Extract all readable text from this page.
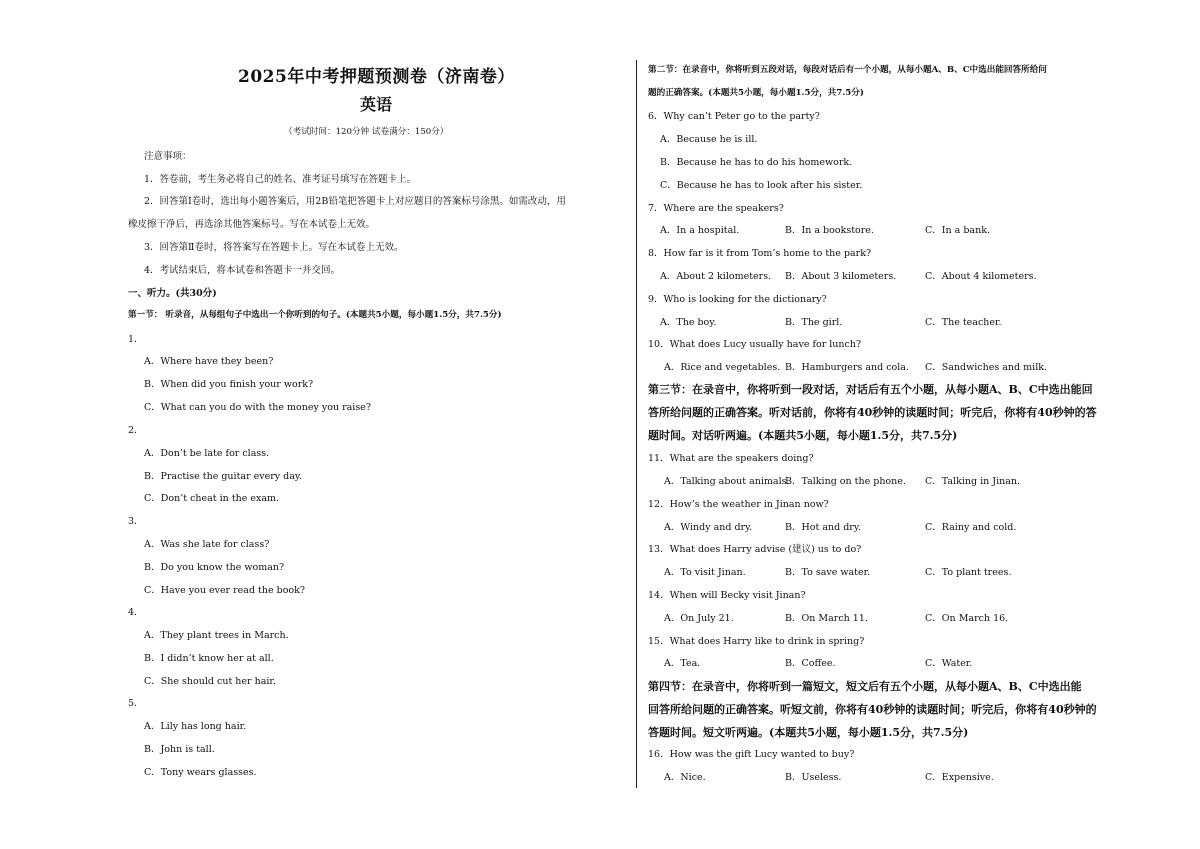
2025年中考押题预测卷（济南卷）
英语
（考试时间：120分钟 试卷满分：150分）
注意事项：
1．答卷前，考生务必将自己的姓名、准考证号填写在答题卡上。
2．回答第Ⅰ卷时，选出每小题答案后，用2B铅笔把答题卡上对应题目的答案标号涂黑。如需改动，用
橡皮擦干净后，再选涂其他答案标号。写在本试卷上无效。
3．回答第Ⅱ卷时，将答案写在答题卡上。写在本试卷上无效。
4．考试结束后，将本试卷和答题卡一并交回。
一、听力。(共30分)
第一节： 听录音，从每组句子中选出一个你听到的句子。(本题共5小题，每小题1.5分，共7.5分)
1．
A．Where have they been?
B．When did you finish your work?
C．What can you do with the money you raise?
2．
A．Don’t be late for class.
B．Practise the guitar every day.
C．Don’t cheat in the exam.
3．
A．Was she late for class?
B．Do you know the woman?
C．Have you ever read the book?
4．
A．They plant trees in March.
B．I didn’t know her at all.
C．She should cut her hair.
5．
A．Lily has long hair.
B．John is tall.
C．Tony wears glasses.
第二节：在录音中，你将听到五段对话，每段对话后有一个小题，从每小题A、B、C中选出能回答所给问
题的正确答案。(本题共5小题，每小题1.5分，共7.5分)
6．Why can’t Peter go to the party?
A．Because he is ill.
B．Because he has to do his homework.
C．Because he has to look after his sister.
7．Where are the speakers?
A．In a hospital.	B．In a bookstore.	C．In a bank.
8．How far is it from Tom’s home to the park?
A．About 2 kilometers. B．About 3 kilometers.	C．About 4 kilometers.
9．Who is looking for the dictionary?
A．The boy.	B．The girl.	C．The teacher.
10．What does Lucy usually have for lunch?
A．Rice and vegetables. B．Hamburgers and cola. C．Sandwiches and milk.
第三节：在录音中，你将听到一段对话，对话后有五个小题，从每小题A、B、C中选出能回
答所给问题的正确答案。听对话前，你将有40秒钟的读题时间；听完后，你将有40秒钟的答
题时间。对话听两遍。(本题共5小题，每小题1.5分，共7.5分)
11．What are the speakers doing?
A．Talking about animals.
B．Talking on the phone. C．Talking in Jinan.
12．How’s the weather in Jinan now?
A．Windy and dry.	B．Hot and dry.	C．Rainy and cold.
13．What does Harry advise (建议) us to do?
A．To visit Jinan.	B．To save water.	C．To plant trees.
14．When will Becky visit Jinan?
A．On July 21.	B．On March 11.	C．On March 16.
15．What does Harry like to drink in spring?
A．Tea.	B．Coffee.	C．Water.
第四节：在录音中，你将听到一篇短文，短文后有五个小题，从每小题A、B、C中选出能
回答所给问题的正确答案。听短文前，你将有40秒钟的读题时间；听完后，你将有40秒钟的
答题时间。短文听两遍。(本题共5小题，每小题1.5分，共7.5分)
16．How was the gift Lucy wanted to buy?
A．Nice.	B．Useless.	C．Expensive.
